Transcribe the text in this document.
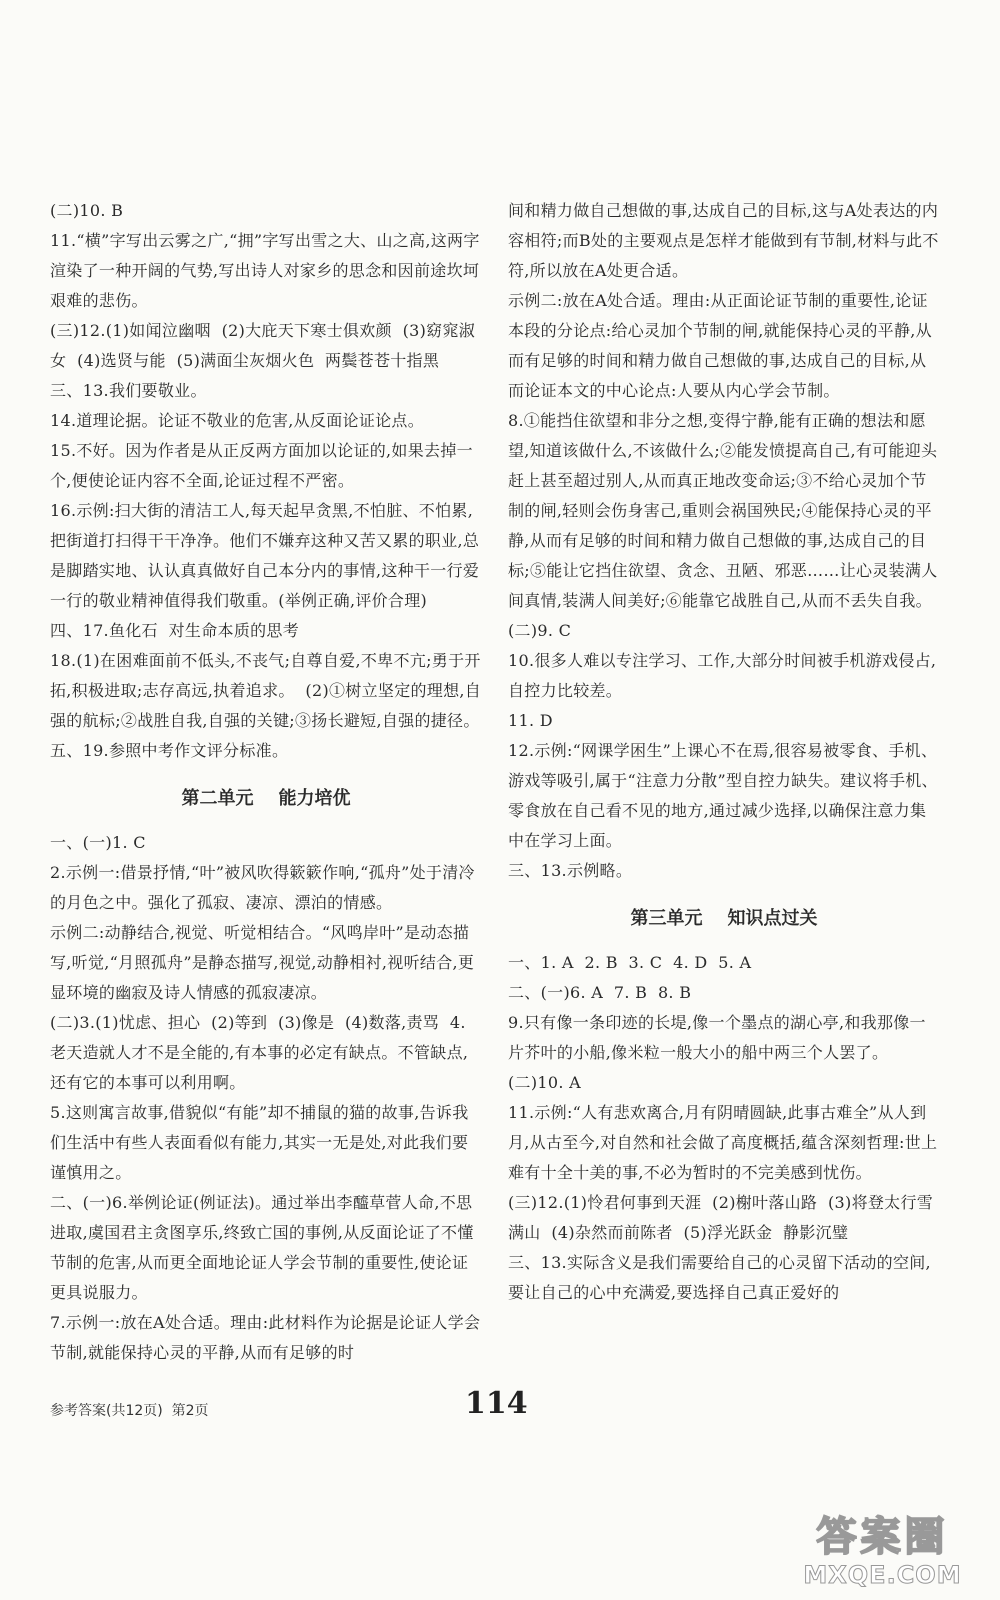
(二)10. B
11.“横”字写出云雾之广,“拥”字写出雪之大、山之高,这两字渲染了一种开阔的气势,写出诗人对家乡的思念和因前途坎坷艰难的悲伤。
(三)12.(1)如闻泣幽咽  (2)大庇天下寒士俱欢颜  (3)窈窕淑女  (4)选贤与能  (5)满面尘灰烟火色  两鬓苍苍十指黑
三、13.我们要敬业。
14.道理论据。论证不敬业的危害,从反面论证论点。
15.不好。因为作者是从正反两方面加以论证的,如果去掉一个,便使论证内容不全面,论证过程不严密。
16.示例:扫大街的清洁工人,每天起早贪黑,不怕脏、不怕累,把街道打扫得干干净净。他们不嫌弃这种又苦又累的职业,总是脚踏实地、认认真真做好自己本分内的事情,这种干一行爱一行的敬业精神值得我们敬重。(举例正确,评价合理)
四、17.鱼化石  对生命本质的思考
18.(1)在困难面前不低头,不丧气;自尊自爱,不卑不亢;勇于开拓,积极进取;志存高远,执着追求。  (2)①树立坚定的理想,自强的航标;②战胜自我,自强的关键;③扬长避短,自强的捷径。
五、19.参照中考作文评分标准。
第二单元    能力培优
一、(一)1. C
2.示例一:借景抒情,“叶”被风吹得簌簌作响,“孤舟”处于清冷的月色之中。强化了孤寂、凄凉、漂泊的情感。
示例二:动静结合,视觉、听觉相结合。“风鸣岸叶”是动态描写,听觉,“月照孤舟”是静态描写,视觉,动静相衬,视听结合,更显环境的幽寂及诗人情感的孤寂凄凉。
(二)3.(1)忧虑、担心  (2)等到  (3)像是  (4)数落,责骂  4.老天造就人才不是全能的,有本事的必定有缺点。不管缺点,还有它的本事可以利用啊。
5.这则寓言故事,借貌似“有能”却不捕鼠的猫的故事,告诉我们生活中有些人表面看似有能力,其实一无是处,对此我们要谨慎用之。
二、(一)6.举例论证(例证法)。通过举出李醯草菅人命,不思进取,虞国君主贪图享乐,终致亡国的事例,从反面论证了不懂节制的危害,从而更全面地论证人学会节制的重要性,使论证更具说服力。
7.示例一:放在A处合适。理由:此材料作为论据是论证人学会节制,就能保持心灵的平静,从而有足够的时
间和精力做自己想做的事,达成自己的目标,这与A处表达的内容相符;而B处的主要观点是怎样才能做到有节制,材料与此不符,所以放在A处更合适。
示例二:放在A处合适。理由:从正面论证节制的重要性,论证本段的分论点:给心灵加个节制的闸,就能保持心灵的平静,从而有足够的时间和精力做自己想做的事,达成自己的目标,从而论证本文的中心论点:人要从内心学会节制。
8.①能挡住欲望和非分之想,变得宁静,能有正确的想法和愿望,知道该做什么,不该做什么;②能发愤提高自己,有可能迎头赶上甚至超过别人,从而真正地改变命运;③不给心灵加个节制的闸,轻则会伤身害己,重则会祸国殃民;④能保持心灵的平静,从而有足够的时间和精力做自己想做的事,达成自己的目标;⑤能让它挡住欲望、贪念、丑陋、邪恶……让心灵装满人间真情,装满人间美好;⑥能靠它战胜自己,从而不丢失自我。
(二)9. C
10.很多人难以专注学习、工作,大部分时间被手机游戏侵占,自控力比较差。
11. D
12.示例:“网课学困生”上课心不在焉,很容易被零食、手机、游戏等吸引,属于“注意力分散”型自控力缺失。建议将手机、零食放在自己看不见的地方,通过减少选择,以确保注意力集中在学习上面。
三、13.示例略。
第三单元    知识点过关
一、1. A  2. B  3. C  4. D  5. A
二、(一)6. A  7. B  8. B
9.只有像一条印迹的长堤,像一个墨点的湖心亭,和我那像一片芥叶的小船,像米粒一般大小的船中两三个人罢了。
(二)10. A
11.示例:“人有悲欢离合,月有阴晴圆缺,此事古难全”从人到月,从古至今,对自然和社会做了高度概括,蕴含深刻哲理:世上难有十全十美的事,不必为暂时的不完美感到忧伤。
(三)12.(1)怜君何事到天涯  (2)榭叶落山路  (3)将登太行雪满山  (4)杂然而前陈者  (5)浮光跃金  静影沉璧
三、13.实际含义是我们需要给自己的心灵留下活动的空间,要让自己的心中充满爱,要选择自己真正爱好的
参考答案(共12页)  第2页	114
答案圈
MXQE.COM
